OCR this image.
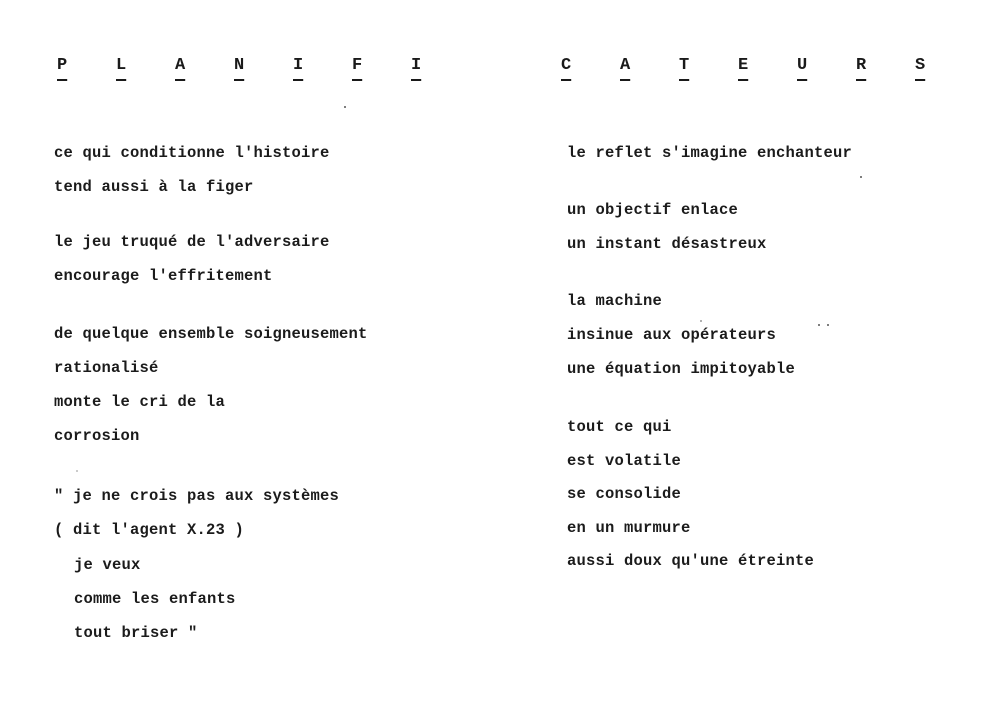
P	L	A	N	I	F	I	C	A	T	E	U	R	S
ce qui conditionne l'histoire
tend aussi à la figer
le jeu truqué de l'adversaire
encourage l'effritement
de quelque ensemble soigneusement
rationalisé
monte le cri de la
corrosion
" je ne crois pas aux systèmes
( dit l'agent X.23 )
je veux
comme les enfants
tout briser "
le reflet s'imagine enchanteur
un objectif enlace
un instant désastreux
la machine
insinue aux opérateurs
une équation impitoyable
tout ce qui
est volatile
se consolide
en un murmure
aussi doux qu'une étreinte
